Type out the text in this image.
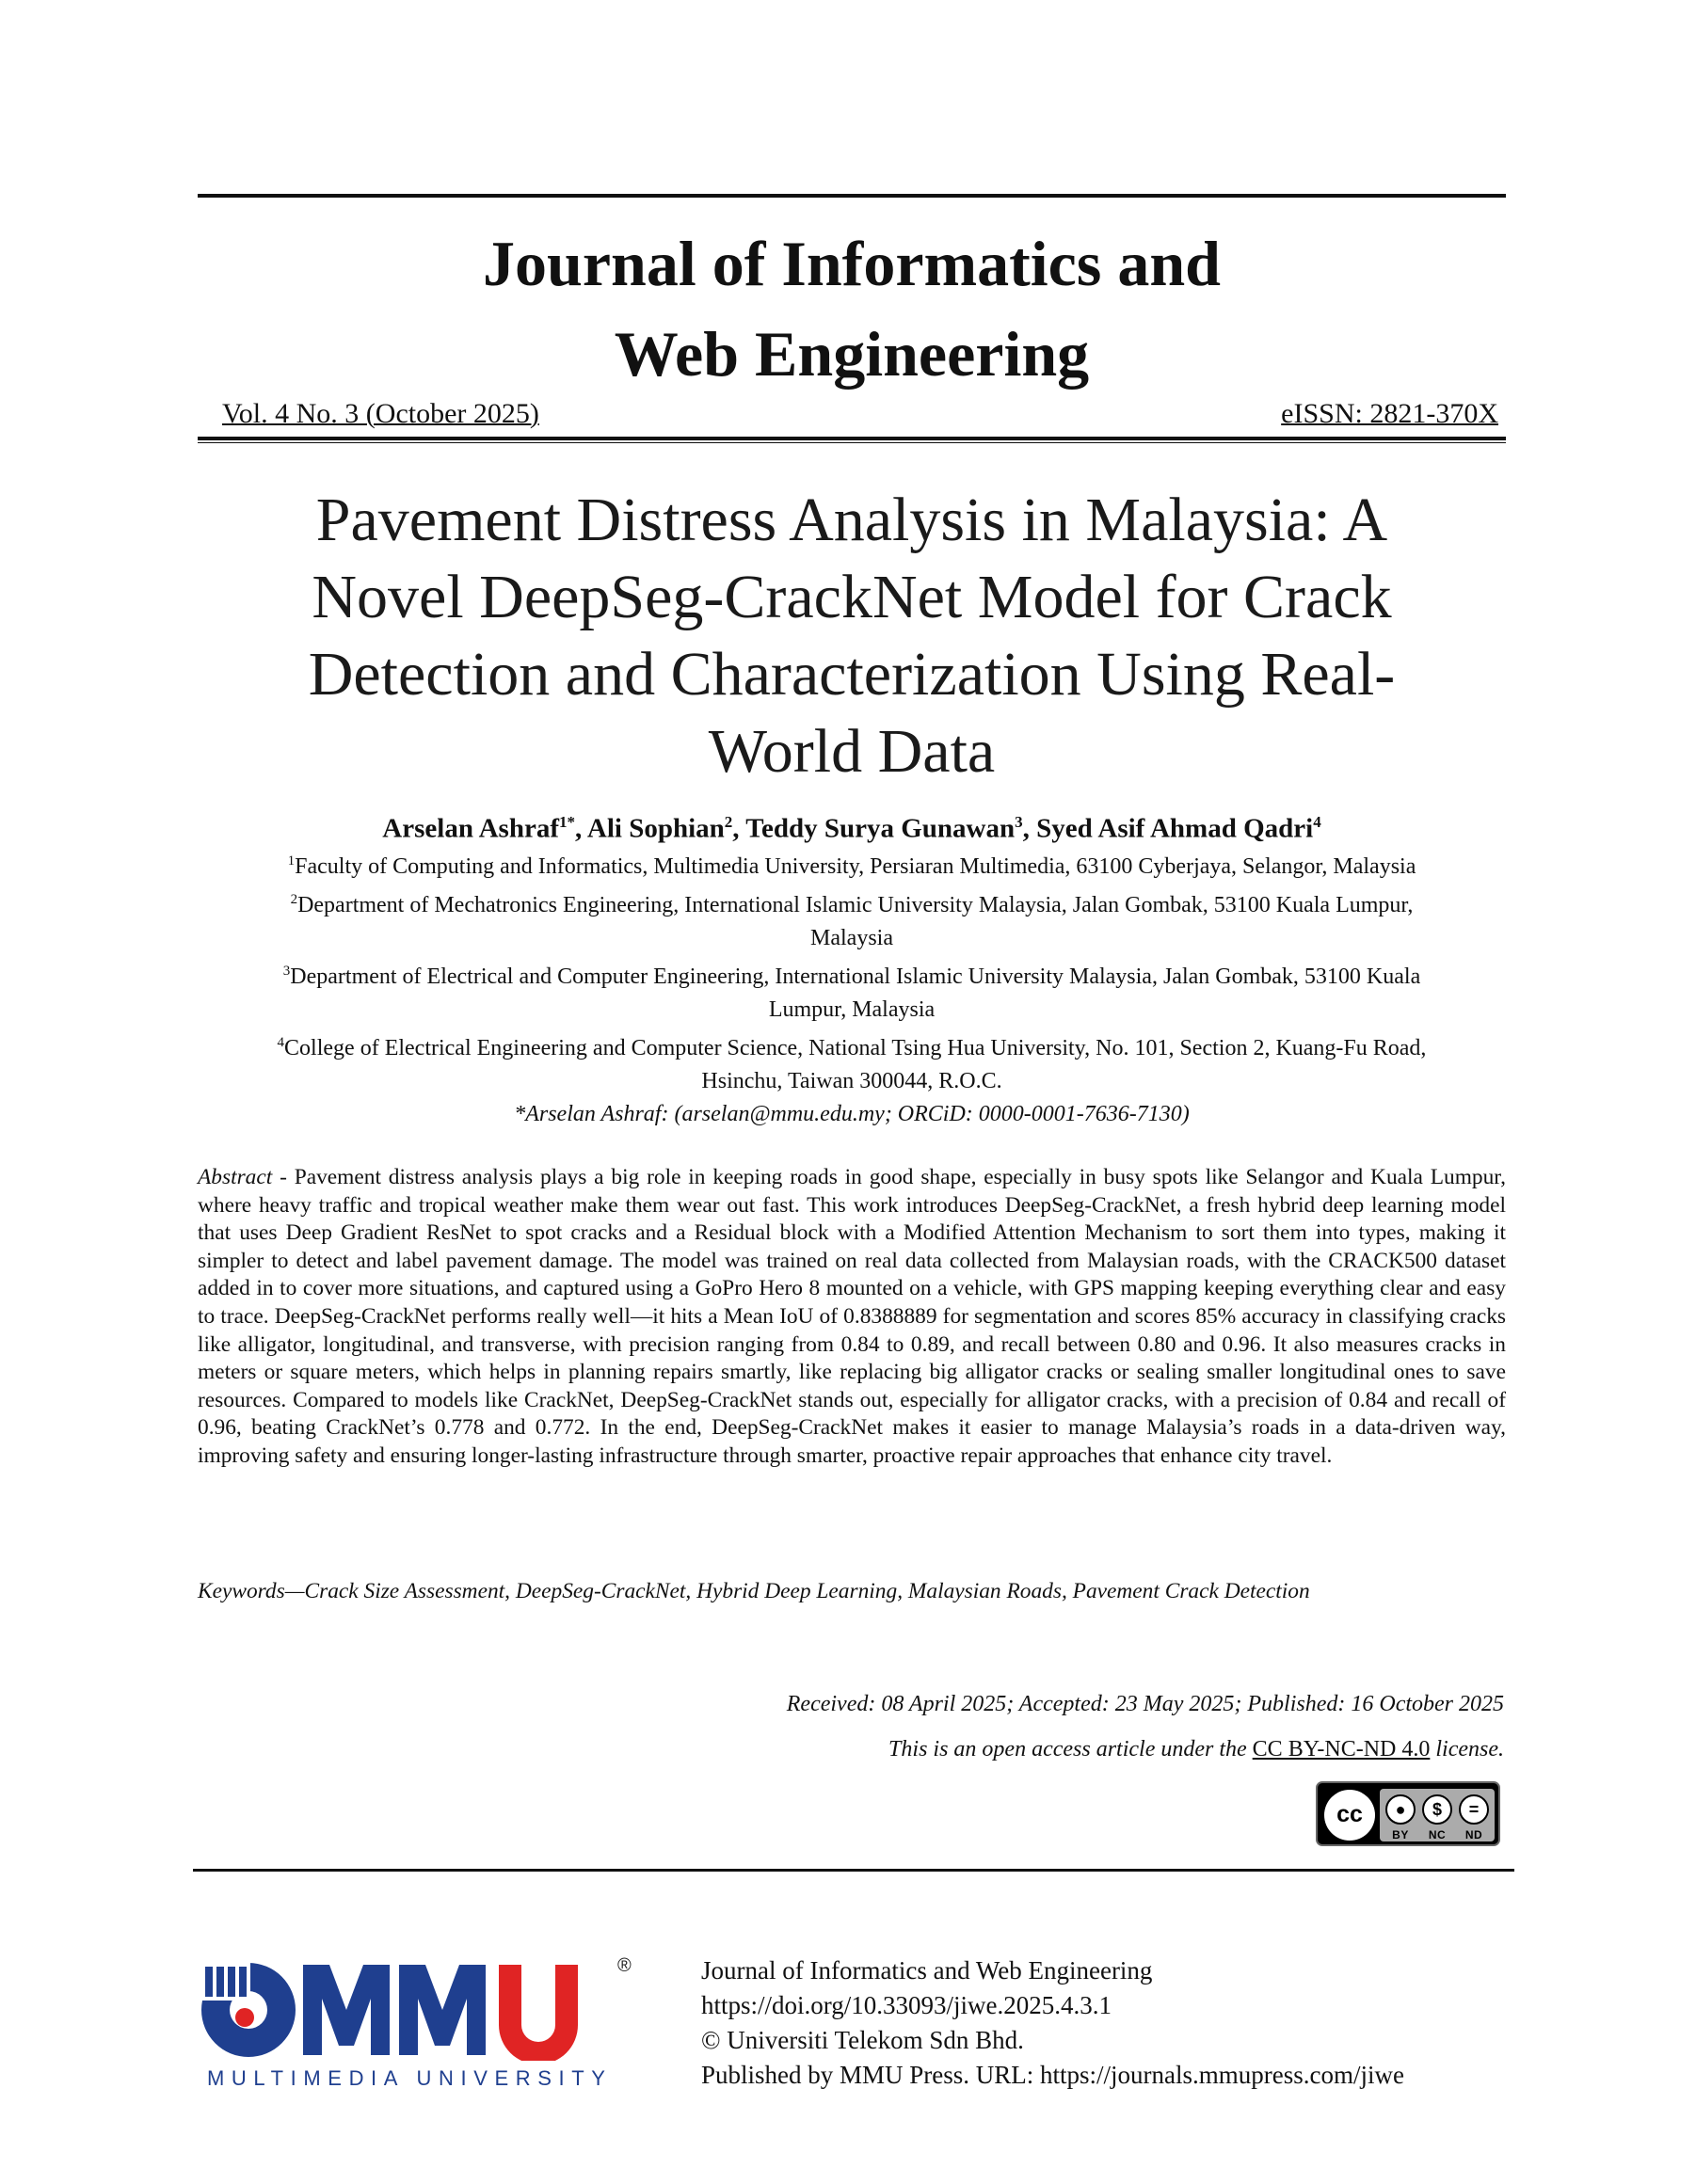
Journal of Informatics and
Web Engineering
Vol. 4 No. 3 (October 2025)	eISSN: 2821-370X
Pavement Distress Analysis in Malaysia: A
Novel DeepSeg-CrackNet Model for Crack
Detection and Characterization Using Real-
World Data
Arselan Ashraf$^{1*}$, Ali Sophian$^2$, Teddy Surya Gunawan$^3$, Syed Asif Ahmad Qadri$^4$
$^1$Faculty of Computing and Informatics, Multimedia University, Persiaran Multimedia, 63100 Cyberjaya, Selangor, Malaysia
$^2$Department of Mechatronics Engineering, International Islamic University Malaysia, Jalan Gombak, 53100 Kuala Lumpur,
Malaysia
$^3$Department of Electrical and Computer Engineering, International Islamic University Malaysia, Jalan Gombak, 53100 Kuala
Lumpur, Malaysia
$^4$College of Electrical Engineering and Computer Science, National Tsing Hua University, No. 101, Section 2, Kuang-Fu Road,
Hsinchu, Taiwan 300044, R.O.C.
*Arselan Ashraf: (arselan@mmu.edu.my; ORCiD: 0000-0001-7636-7130)
Abstract - Pavement distress analysis plays a big role in keeping roads in good shape, especially in busy spots like Selangor and Kuala Lumpur, where heavy traffic and tropical weather make them wear out fast. This work introduces DeepSeg-CrackNet, a fresh hybrid deep learning model that uses Deep Gradient ResNet to spot cracks and a Residual block with a Modified Attention Mechanism to sort them into types, making it simpler to detect and label pavement damage. The model was trained on real data collected from Malaysian roads, with the CRACK500 dataset added in to cover more situations, and captured using a GoPro Hero 8 mounted on a vehicle, with GPS mapping keeping everything clear and easy to trace. DeepSeg-CrackNet performs really well—it hits a Mean IoU of 0.8388889 for segmentation and scores 85% accuracy in classifying cracks like alligator, longitudinal, and transverse, with precision ranging from 0.84 to 0.89, and recall between 0.80 and 0.96. It also measures cracks in meters or square meters, which helps in planning repairs smartly, like replacing big alligator cracks or sealing smaller longitudinal ones to save resources. Compared to models like CrackNet, DeepSeg-CrackNet stands out, especially for alligator cracks, with a precision of 0.84 and recall of 0.96, beating CrackNet’s 0.778 and 0.772. In the end, DeepSeg-CrackNet makes it easier to manage Malaysia’s roads in a data-driven way, improving safety and ensuring longer-lasting infrastructure through smarter, proactive repair approaches that enhance city travel.
Keywords—Crack Size Assessment, DeepSeg-CrackNet, Hybrid Deep Learning, Malaysian Roads, Pavement Crack Detection
Received: 08 April 2025; Accepted: 23 May 2025; Published: 16 October 2025
This is an open access article under the CC BY-NC-ND 4.0 license.
cc	●	$	=
BY	NC	ND
®
MULTIMEDIA UNIVERSITY
Journal of Informatics and Web Engineering
https://doi.org/10.33093/jiwe.2025.4.3.1
© Universiti Telekom Sdn Bhd.
Published by MMU Press. URL: https://journals.mmupress.com/jiwe
